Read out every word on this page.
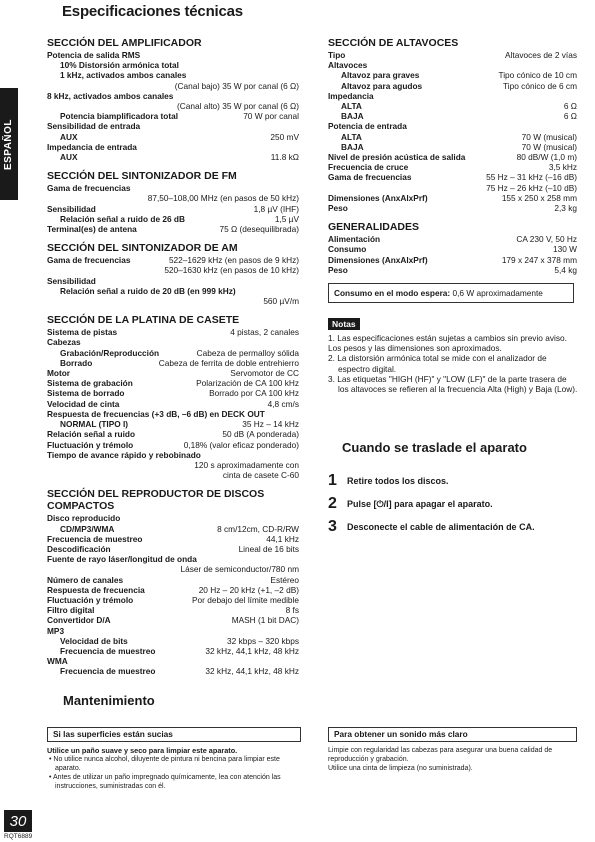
Especificaciones técnicas
ESPAÑOL
SECCIÓN DEL AMPLIFICADOR
Potencia de salida RMS
10% Distorsión armónica total
1 kHz, activados ambos canales
(Canal bajo) 35 W por canal (6 Ω)
8 kHz, activados ambos canales
(Canal alto) 35 W por canal (6 Ω)
Potencia biamplificadora total	70 W por canal
Sensibilidad de entrada
AUX	250 mV
Impedancia de entrada
AUX	11.8 kΩ
SECCIÓN DEL SINTONIZADOR DE FM
Gama de frecuencias
87,50–108,00 MHz (en pasos de 50 kHz)
Sensibilidad	1,8 µV (IHF)
Relación señal a ruido de 26 dB	1,5 µV
Terminal(es) de antena	75 Ω (desequilibrada)
SECCIÓN DEL SINTONIZADOR DE AM
Gama de frecuencias	522–1629 kHz (en pasos de 9 kHz)
520–1630 kHz (en pasos de 10 kHz)
Sensibilidad
Relación señal a ruido de 20 dB (en 999 kHz)
560 µV/m
SECCIÓN DE LA PLATINA DE CASETE
Sistema de pistas	4 pistas, 2 canales
Cabezas
Grabación/Reproducción	Cabeza de permalloy sólida
Borrado	Cabeza de ferrita de doble entrehierro
Motor	Servomotor de CC
Sistema de grabación	Polarización de CA 100 kHz
Sistema de borrado	Borrado por CA 100 kHz
Velocidad de cinta	4,8 cm/s
Respuesta de frecuencias (+3 dB, –6 dB) en DECK OUT
NORMAL (TIPO I)	35 Hz – 14 kHz
Relación señal a ruido	50 dB (A ponderada)
Fluctuación y trémolo	0,18% (valor eficaz ponderado)
Tiempo de avance rápido y rebobinado
120 s aproximadamente con
cinta de casete C-60
SECCIÓN DEL REPRODUCTOR DE DISCOS COMPACTOS
Disco reproducido
CD/MP3/WMA	8 cm/12cm, CD-R/RW
Frecuencia de muestreo	44,1 kHz
Descodificación	Lineal de 16 bits
Fuente de rayo láser/longitud de onda
Láser de semiconductor/780 nm
Número de canales	Estéreo
Respuesta de frecuencia	20 Hz – 20 kHz (+1, –2 dB)
Fluctuación y trémolo	Por debajo del límite medible
Filtro digital	8 fs
Convertidor D/A	MASH (1 bit DAC)
MP3
Velocidad de bits	32 kbps – 320 kbps
Frecuencia de muestreo	32 kHz, 44,1 kHz, 48 kHz
WMA
Frecuencia de muestreo	32 kHz, 44,1 kHz, 48 kHz
SECCIÓN DE ALTAVOCES
Tipo	Altavoces de 2 vías
Altavoces
Altavoz para graves	Tipo cónico de 10 cm
Altavoz para agudos	Tipo cónico de 6 cm
Impedancia
ALTA	6 Ω
BAJA	6 Ω
Potencia de entrada
ALTA	70 W (musical)
BAJA	70 W (musical)
Nivel de presión acústica de salida	80 dB/W (1,0 m)
Frecuencia de cruce	3,5 kHz
Gama de frecuencias	55 Hz – 31 kHz (–16 dB)
75 Hz – 26 kHz (–10 dB)
Dimensiones (AnxAlxPrf)	155 x 250 x 258 mm
Peso	2,3 kg
GENERALIDADES
Alimentación	CA 230 V, 50 Hz
Consumo	130 W
Dimensiones (AnxAlxPrf)	179 x 247 x 378 mm
Peso	5,4 kg
Consumo en el modo espera: 0,6 W aproximadamente
Notas
1. Las especificaciones están sujetas a cambios sin previo aviso.
Los pesos y las dimensiones son aproximados.
2. La distorsión armónica total se mide con el analizador de espectro digital.
3. Las etiquetas "HIGH (HF)" y "LOW (LF)" de la parte trasera de los altavoces se refieren al la frecuencia Alta (High) y Baja (Low).
Cuando se traslade el aparato
1	Retire todos los discos.
2	Pulse [⏻/I] para apagar el aparato.
3	Desconecte el cable de alimentación de CA.
Mantenimiento
Si las superficies están sucias
Utilice un paño suave y seco para limpiar este aparato.
• No utilice nunca alcohol, diluyente de pintura ni bencina para limpiar este aparato.
• Antes de utilizar un paño impregnado químicamente, lea con atención las instrucciones, suministradas con él.
Para obtener un sonido más claro
Limpie con regularidad las cabezas para asegurar una buena calidad de reproducción y grabación.
Utilice una cinta de limpieza (no suministrada).
30
RQT6889
